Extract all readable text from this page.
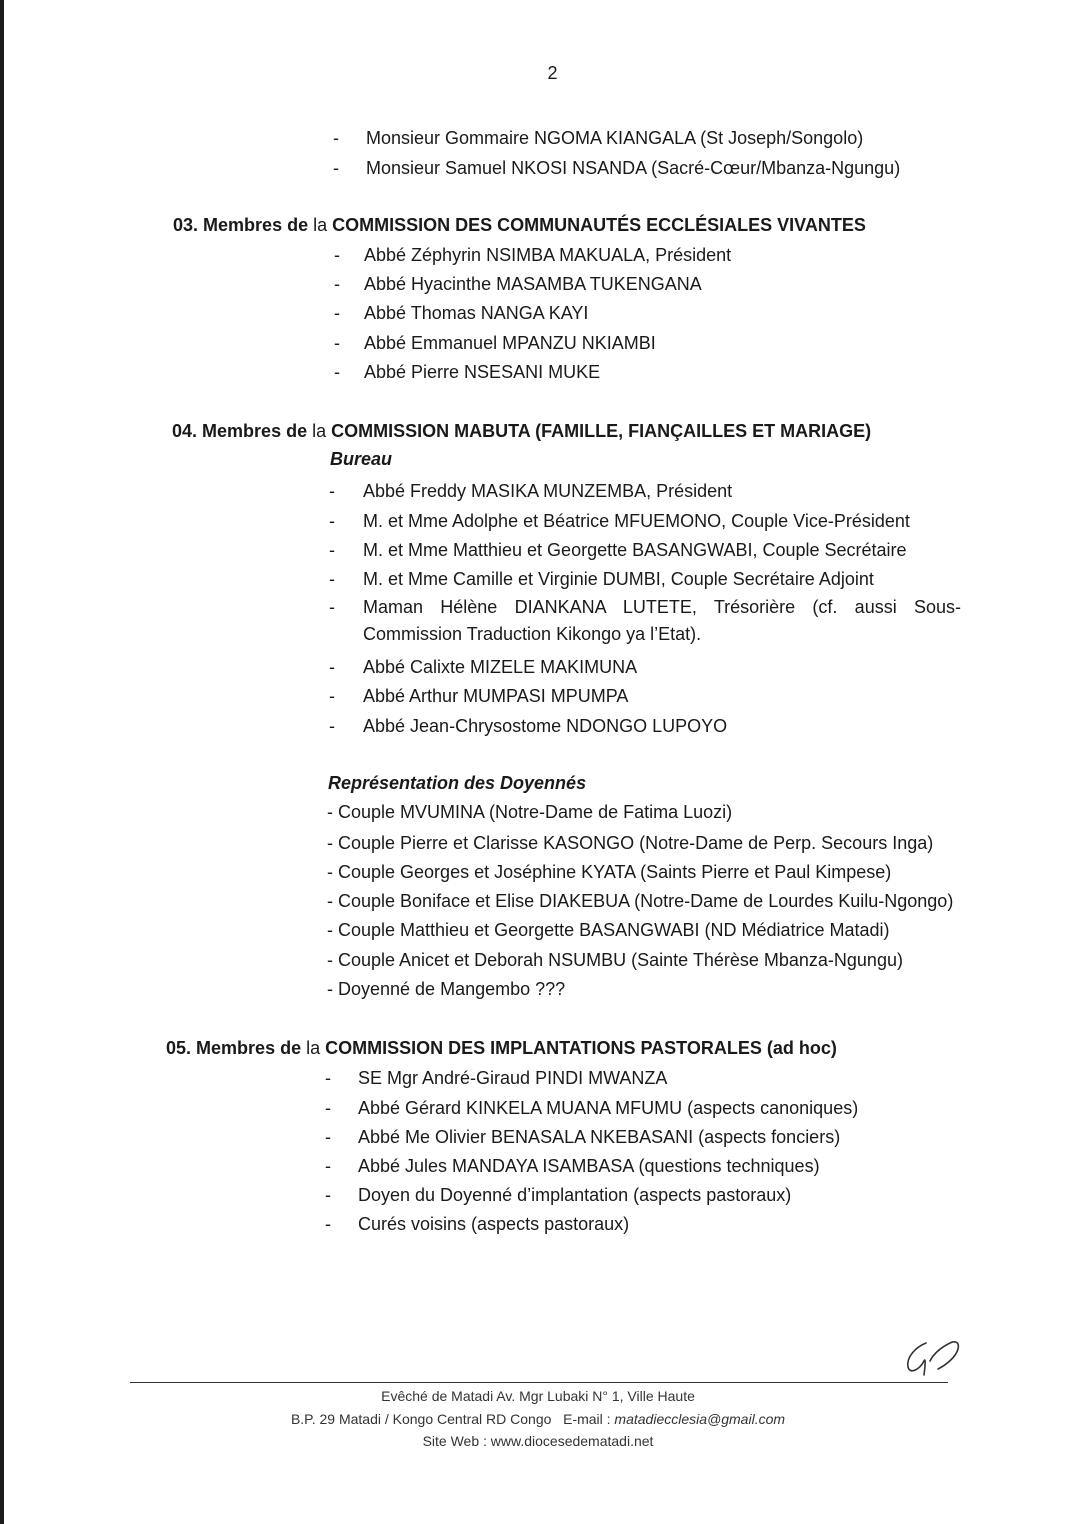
2
- Monsieur Gommaire NGOMA KIANGALA (St Joseph/Songolo)
- Monsieur Samuel NKOSI NSANDA (Sacré-Cœur/Mbanza-Ngungu)
03. Membres de la COMMISSION DES COMMUNAUTÉS ECCLÉSIALES VIVANTES
- Abbé Zéphyrin NSIMBA MAKUALA, Président
- Abbé Hyacinthe MASAMBA TUKENGANA
- Abbé Thomas NANGA KAYI
- Abbé Emmanuel MPANZU NKIAMBI
- Abbé Pierre NSESANI MUKE
04. Membres de la COMMISSION MABUTA (FAMILLE, FIANÇAILLES ET MARIAGE)
Bureau
- Abbé Freddy MASIKA MUNZEMBA, Président
- M. et Mme Adolphe et Béatrice MFUEMONO, Couple Vice-Président
- M. et Mme Matthieu et Georgette BASANGWABI, Couple Secrétaire
- M. et Mme Camille et Virginie DUMBI, Couple Secrétaire Adjoint
- Maman Hélène DIANKANA LUTETE, Trésorière (cf. aussi Sous-Commission Traduction Kikongo ya l’Etat).
- Abbé Calixte MIZELE MAKIMUNA
- Abbé Arthur MUMPASI MPUMPA
- Abbé Jean-Chrysostome NDONGO LUPOYO
Représentation des Doyennés
- Couple MVUMINA (Notre-Dame de Fatima Luozi)
- Couple Pierre et Clarisse KASONGO (Notre-Dame de Perp. Secours Inga)
- Couple Georges et Joséphine KYATA (Saints Pierre et Paul Kimpese)
- Couple Boniface et Elise DIAKEBUA (Notre-Dame de Lourdes Kuilu-Ngongo)
- Couple Matthieu et Georgette BASANGWABI (ND Médiatrice Matadi)
- Couple Anicet et Deborah NSUMBU (Sainte Thérèse Mbanza-Ngungu)
- Doyenné de Mangembo ???
05. Membres de la COMMISSION DES IMPLANTATIONS PASTORALES (ad hoc)
- SE Mgr André-Giraud PINDI MWANZA
- Abbé Gérard KINKELA MUANA MFUMU (aspects canoniques)
- Abbé Me Olivier BENASALA NKEBASANI (aspects fonciers)
- Abbé Jules MANDAYA ISAMBASA (questions techniques)
- Doyen du Doyenné d’implantation (aspects pastoraux)
- Curés voisins (aspects pastoraux)
Evêché de Matadi Av. Mgr Lubaki N° 1, Ville Haute
B.P. 29 Matadi / Kongo Central RD Congo   E-mail : matadiecclesia@gmail.com
Site Web : www.diocesedematadi.net
